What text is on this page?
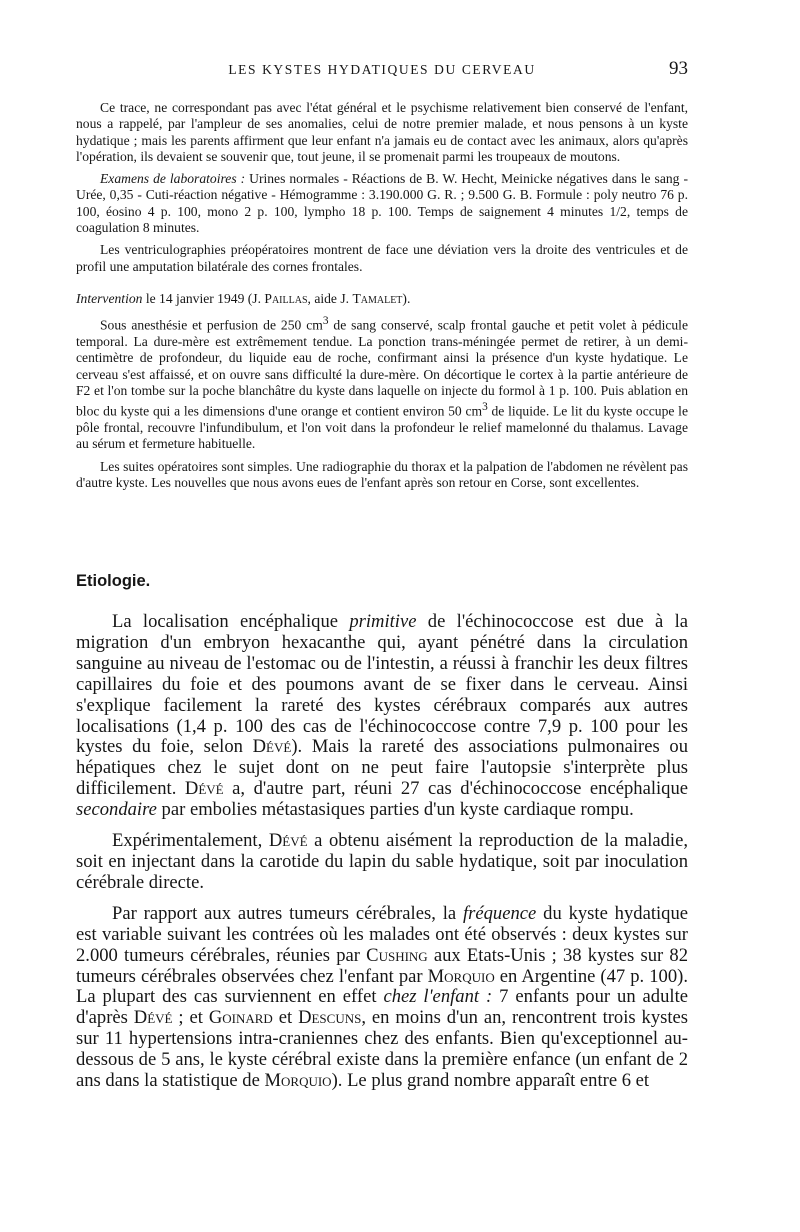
LES KYSTES HYDATIQUES DU CERVEAU	93

Ce trace, ne correspondant pas avec l'état général et le psychisme relativement bien conservé de l'enfant, nous a rappelé, par l'ampleur de ses anomalies, celui de notre premier malade, et nous pensons à un kyste hydatique ; mais les parents affirment que leur enfant n'a jamais eu de contact avec les animaux, alors qu'après l'opération, ils devaient se souvenir que, tout jeune, il se promenait parmi les troupeaux de moutons.

Examens de laboratoires : Urines normales - Réactions de B. W. Hecht, Meinicke négatives dans le sang - Urée, 0,35 - Cuti-réaction négative - Hémogramme : 3.190.000 G. R. ; 9.500 G. B. Formule : poly neutro 76 p. 100, éosino 4 p. 100, mono 2 p. 100, lympho 18 p. 100. Temps de saignement 4 minutes 1/2, temps de coagulation 8 minutes.

Les ventriculographies préopératoires montrent de face une déviation vers la droite des ventricules et de profil une amputation bilatérale des cornes frontales.

Intervention le 14 janvier 1949 (J. Paillas, aide J. Tamalet).

Sous anesthésie et perfusion de 250 $cm^3$ de sang conservé, scalp frontal gauche et petit volet à pédicule temporal. La dure-mère est extrêmement tendue. La ponction trans-méningée permet de retirer, à un demi-centimètre de profondeur, du liquide eau de roche, confirmant ainsi la présence d'un kyste hydatique. Le cerveau s'est affaissé, et on ouvre sans difficulté la dure-mère. On décortique le cortex à la partie antérieure de F2 et l'on tombe sur la poche blanchâtre du kyste dans laquelle on injecte du formol à 1 p. 100. Puis ablation en bloc du kyste qui a les dimensions d'une orange et contient environ 50 $cm^3$ de liquide. Le lit du kyste occupe le pôle frontal, recouvre l'infundibulum, et l'on voit dans la profondeur le relief mamelonné du thalamus. Lavage au sérum et fermeture habituelle.

Les suites opératoires sont simples. Une radiographie du thorax et la palpation de l'abdomen ne révèlent pas d'autre kyste. Les nouvelles que nous avons eues de l'enfant après son retour en Corse, sont excellentes.

Etiologie.

La localisation encéphalique primitive de l'échinococcose est due à la migration d'un embryon hexacanthe qui, ayant pénétré dans la circulation sanguine au niveau de l'estomac ou de l'intestin, a réussi à franchir les deux filtres capillaires du foie et des poumons avant de se fixer dans le cerveau. Ainsi s'explique facilement la rareté des kystes cérébraux comparés aux autres localisations (1,4 p. 100 des cas de l'échinococcose contre 7,9 p. 100 pour les kystes du foie, selon Dévé). Mais la rareté des associations pulmonaires ou hépatiques chez le sujet dont on ne peut faire l'autopsie s'interprète plus difficilement. Dévé a, d'autre part, réuni 27 cas d'échinococcose encéphalique secondaire par embolies métastasiques parties d'un kyste cardiaque rompu.

Expérimentalement, Dévé a obtenu aisément la reproduction de la maladie, soit en injectant dans la carotide du lapin du sable hydatique, soit par inoculation cérébrale directe.

Par rapport aux autres tumeurs cérébrales, la fréquence du kyste hydatique est variable suivant les contrées où les malades ont été observés : deux kystes sur 2.000 tumeurs cérébrales, réunies par Cushing aux Etats-Unis ; 38 kystes sur 82 tumeurs cérébrales observées chez l'enfant par Morquio en Argentine (47 p. 100). La plupart des cas surviennent en effet chez l'enfant : 7 enfants pour un adulte d'après Dévé ; et Goinard et Descuns, en moins d'un an, rencontrent trois kystes sur 11 hypertensions intra-craniennes chez des enfants. Bien qu'exceptionnel au-dessous de 5 ans, le kyste cérébral existe dans la première enfance (un enfant de 2 ans dans la statistique de Morquio). Le plus grand nombre apparaît entre 6 et
